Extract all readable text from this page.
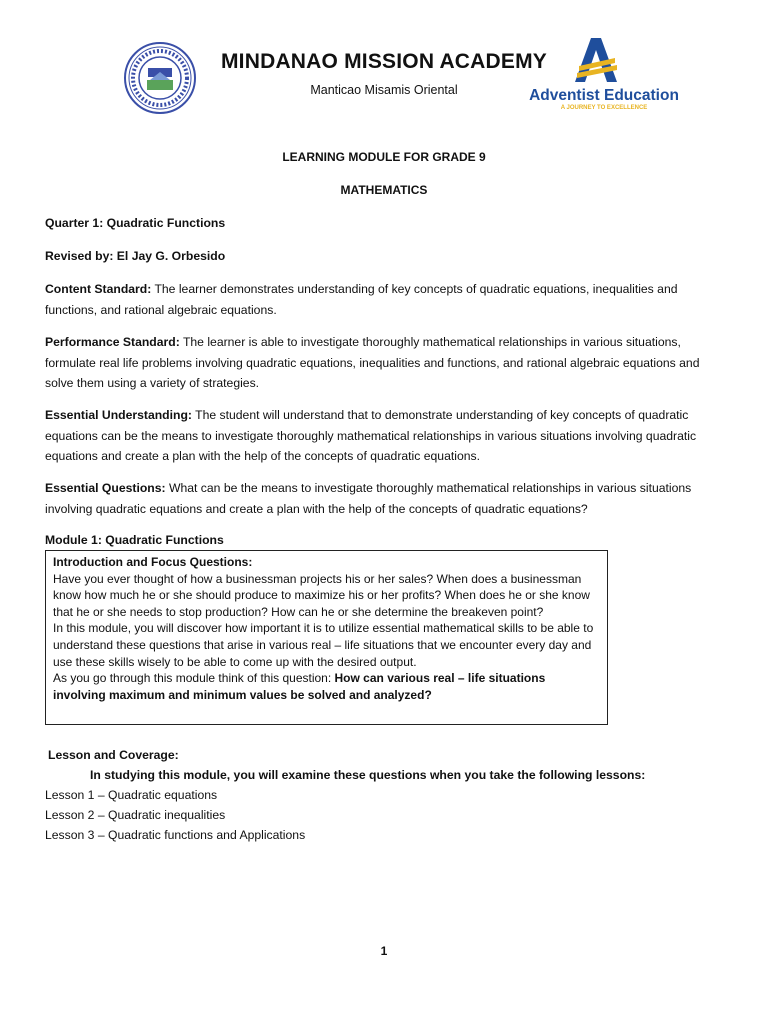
MINDANAO MISSION ACADEMY
Manticao Misamis Oriental	Adventist Education
A JOURNEY TO EXCELLENCE
LEARNING MODULE FOR GRADE 9
MATHEMATICS
Quarter 1: Quadratic Functions
Revised by: El Jay G. Orbesido
Content Standard: The learner demonstrates understanding of key concepts of quadratic equations, inequalities and functions, and rational algebraic equations.
Performance Standard: The learner is able to investigate thoroughly mathematical relationships in various situations, formulate real life problems involving quadratic equations, inequalities and functions, and rational algebraic equations and solve them using a variety of strategies.
Essential Understanding: The student will understand that to demonstrate understanding of key concepts of quadratic equations can be the means to investigate thoroughly mathematical relationships in various situations involving quadratic equations and create a plan with the help of the concepts of quadratic equations.
Essential Questions: What can be the means to investigate thoroughly mathematical relationships in various situations involving quadratic equations and create a plan with the help of the concepts of quadratic equations?
Module 1: Quadratic Functions

Introduction and Focus Questions:

Have you ever thought of how a businessman projects his or her sales? When does a businessman know how much he or she should produce to maximize his or her profits? When does he or she know that he or she needs to stop production? How can he or she determine the breakeven point?

In this module, you will discover how important it is to utilize essential mathematical skills to be able to understand these questions that arise in various real – life situations that we encounter every day and use these skills wisely to be able to come up with the desired output.

As you go through this module think of this question: How can various real – life situations involving maximum and minimum values be solved and analyzed?

Lesson and Coverage:
In studying this module, you will examine these questions when you take the following lessons:
Lesson 1 – Quadratic equations
Lesson 2 – Quadratic inequalities
Lesson 3 – Quadratic functions and Applications
1
